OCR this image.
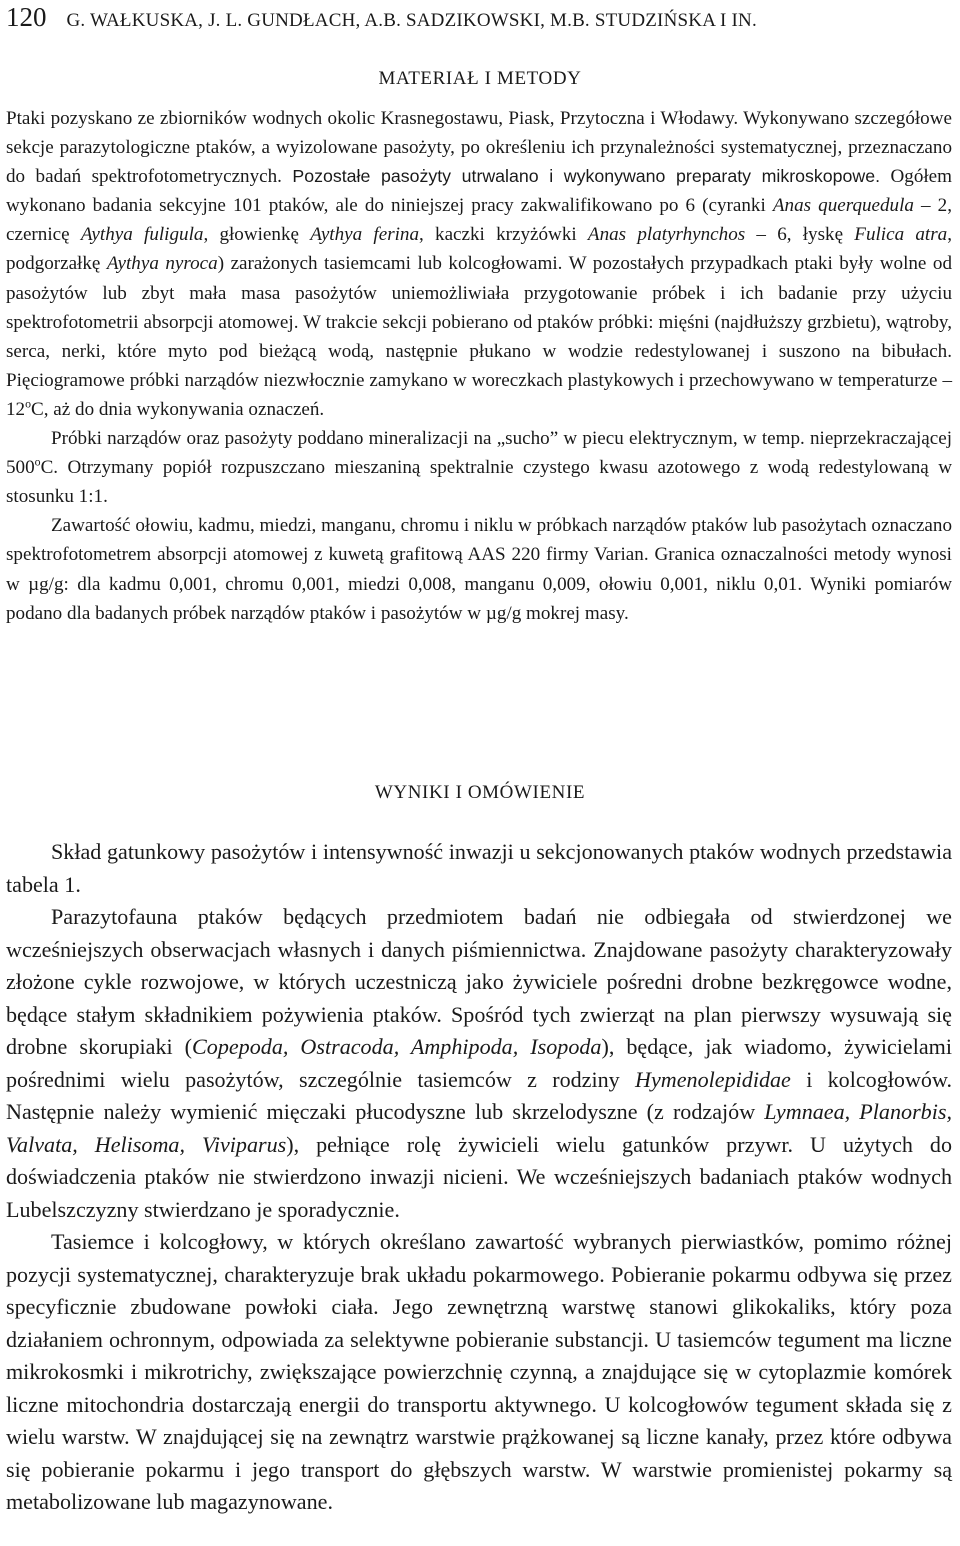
120 G. WAŁKUSKA, J. L. GUNDŁACH, A.B. SADZIKOWSKI, M.B. STUDZIŃSKA I IN.
MATERIAŁ I METODY

Ptaki pozyskano ze zbiorników wodnych okolic Krasnegostawu, Piask, Przytoczna i Włodawy. Wykonywano szczegółowe sekcje parazytologiczne ptaków, a wyizolowane pasożyty, po określeniu ich przynależności systematycznej, przeznaczano do badań spektrofotometrycznych. Pozostałe pasożyty utrwalano i wykonywano preparaty mikroskopowe. Ogółem wykonano badania sekcyjne 101 ptaków, ale do niniejszej pracy zakwalifikowano po 6 (cyranki Anas querquedula – 2, czernicę Aythya fuligula, głowienkę Aythya ferina, kaczki krzyżówki Anas platyrhynchos – 6, łyskę Fulica atra, podgorzałkę Aythya nyroca) zarażonych tasiemcami lub kolcogłowami. W pozostałych przypadkach ptaki były wolne od pasożytów lub zbyt mała masa pasożytów uniemożliwiała przygotowanie próbek i ich badanie przy użyciu spektrofotometrii absorpcji atomowej. W trakcie sekcji pobierano od ptaków próbki: mięśni (najdłuższy grzbietu), wątroby, serca, nerki, które myto pod bieżącą wodą, następnie płukano w wodzie redestylowanej i suszono na bibułach. Pięciogramowe próbki narządów niezwłocznie zamykano w woreczkach plastykowych i przechowywano w temperaturze –12$^o$C, aż do dnia wykonywania oznaczeń.

Próbki narządów oraz pasożyty poddano mineralizacji na „sucho” w piecu elektrycznym, w temp. nieprzekraczającej 500$^o$C. Otrzymany popiół rozpuszczano mieszaniną spektralnie czystego kwasu azotowego z wodą redestylowaną w stosunku 1:1.

Zawartość ołowiu, kadmu, miedzi, manganu, chromu i niklu w próbkach narządów ptaków lub pasożytach oznaczano spektrofotometrem absorpcji atomowej z kuwetą grafitową AAS 220 firmy Varian. Granica oznaczalności metody wynosi w µg/g: dla kadmu 0,001, chromu 0,001, miedzi 0,008, manganu 0,009, ołowiu 0,001, niklu 0,01. Wyniki pomiarów podano dla badanych próbek narządów ptaków i pasożytów w µg/g mokrej masy.

WYNIKI I OMÓWIENIE

Skład gatunkowy pasożytów i intensywność inwazji u sekcjonowanych ptaków wodnych przedstawia tabela 1.

Parazytofauna ptaków będących przedmiotem badań nie odbiegała od stwierdzonej we wcześniejszych obserwacjach własnych i danych piśmiennictwa. Znajdowane pasożyty charakteryzowały złożone cykle rozwojowe, w których uczestniczą jako żywiciele pośredni drobne bezkręgowce wodne, będące stałym składnikiem pożywienia ptaków. Spośród tych zwierząt na plan pierwszy wysuwają się drobne skorupiaki (Copepoda, Ostracoda, Amphipoda, Isopoda), będące, jak wiadomo, żywicielami pośrednimi wielu pasożytów, szczególnie tasiemców z rodziny Hymenolepididae i kolcogłowów. Następnie należy wymienić mięczaki płucodyszne lub skrzelodyszne (z rodzajów Lymnaea, Planorbis, Valvata, Helisoma, Viviparus), pełniące rolę żywicieli wielu gatunków przywr. U użytych do doświadczenia ptaków nie stwierdzono inwazji nicieni. We wcześniejszych badaniach ptaków wodnych Lubelszczyzny stwierdzano je sporadycznie.

Tasiemce i kolcogłowy, w których określano zawartość wybranych pierwiastków, pomimo różnej pozycji systematycznej, charakteryzuje brak układu pokarmowego. Pobieranie pokarmu odbywa się przez specyficznie zbudowane powłoki ciała. Jego zewnętrzną warstwę stanowi glikokaliks, który poza działaniem ochronnym, odpowiada za selektywne pobieranie substancji. U tasiemców tegument ma liczne mikrokosmki i mikrotrichy, zwiększające powierzchnię czynną, a znajdujące się w cytoplazmie komórek liczne mitochondria dostarczają energii do transportu aktywnego. U kolcogłowów tegument składa się z wielu warstw. W znajdującej się na zewnątrz warstwie prążkowanej są liczne kanały, przez które odbywa się pobieranie pokarmu i jego transport do głębszych warstw. W warstwie promienistej pokarmy są metabolizowane lub magazynowane.
